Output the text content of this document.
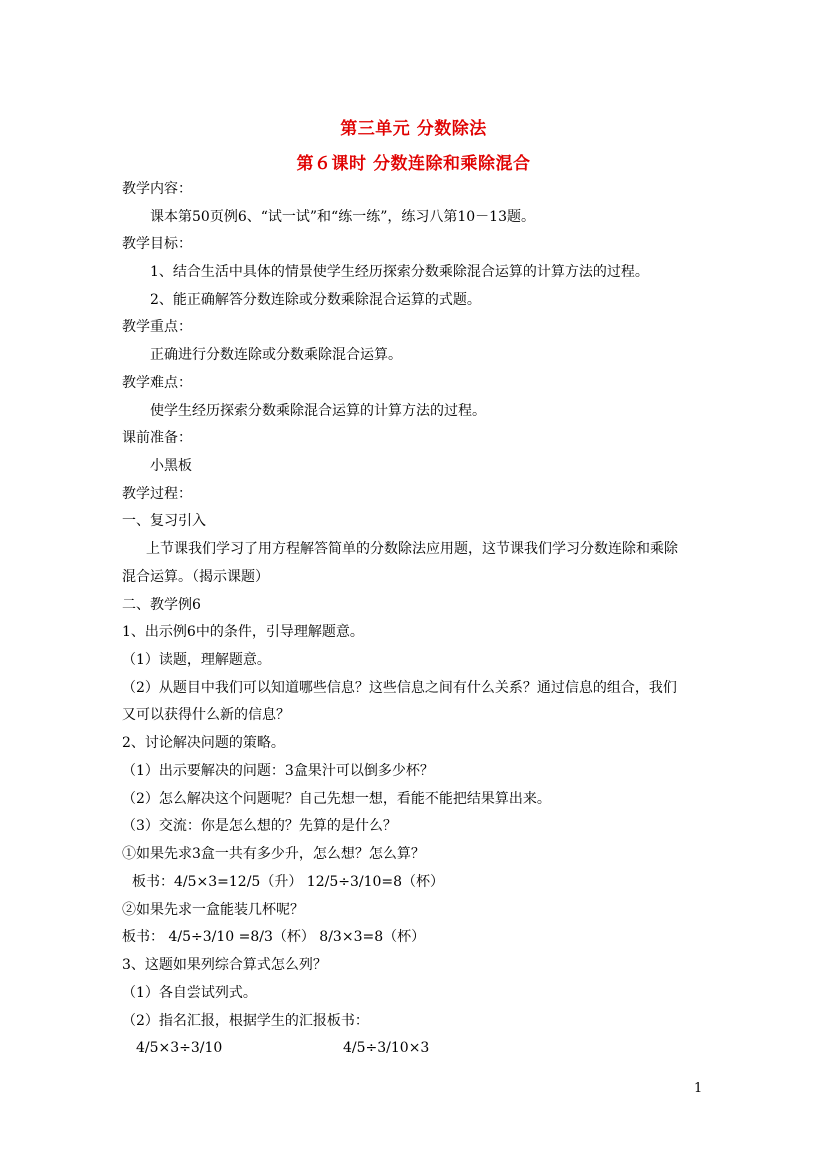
第三单元 分数除法
第６课时 分数连除和乘除混合
教学内容：
课本第50页例6、“试一试”和“练一练”，练习八第10－13题。
教学目标：
1、结合生活中具体的情景使学生经历探索分数乘除混合运算的计算方法的过程。
2、能正确解答分数连除或分数乘除混合运算的式题。
教学重点：
正确进行分数连除或分数乘除混合运算。
教学难点：
使学生经历探索分数乘除混合运算的计算方法的过程。
课前准备：
小黑板
教学过程：
一、复习引入
上节课我们学习了用方程解答简单的分数除法应用题，这节课我们学习分数连除和乘除
混合运算。（揭示课题）
二、教学例6
1、出示例6中的条件，引导理解题意。
（1）读题，理解题意。
（2）从题目中我们可以知道哪些信息？这些信息之间有什么关系？通过信息的组合，我们
又可以获得什么新的信息？
2、讨论解决问题的策略。
（1）出示要解决的问题：3盒果汁可以倒多少杯？
（2）怎么解决这个问题呢？自己先想一想，看能不能把结果算出来。
（3）交流：你是怎么想的？先算的是什么？
①如果先求3盒一共有多少升，怎么想？怎么算？
板书：4/5×3=12/5（升） 12/5÷3/10=8（杯）
②如果先求一盒能装几杯呢？
板书： 4/5÷3/10 =8/3（杯） 8/3×3=8（杯）
3、这题如果列综合算式怎么列？
（1）各自尝试列式。
（2）指名汇报，根据学生的汇报板书：
4/5×3÷3/10	4/5÷3/10×3
1
